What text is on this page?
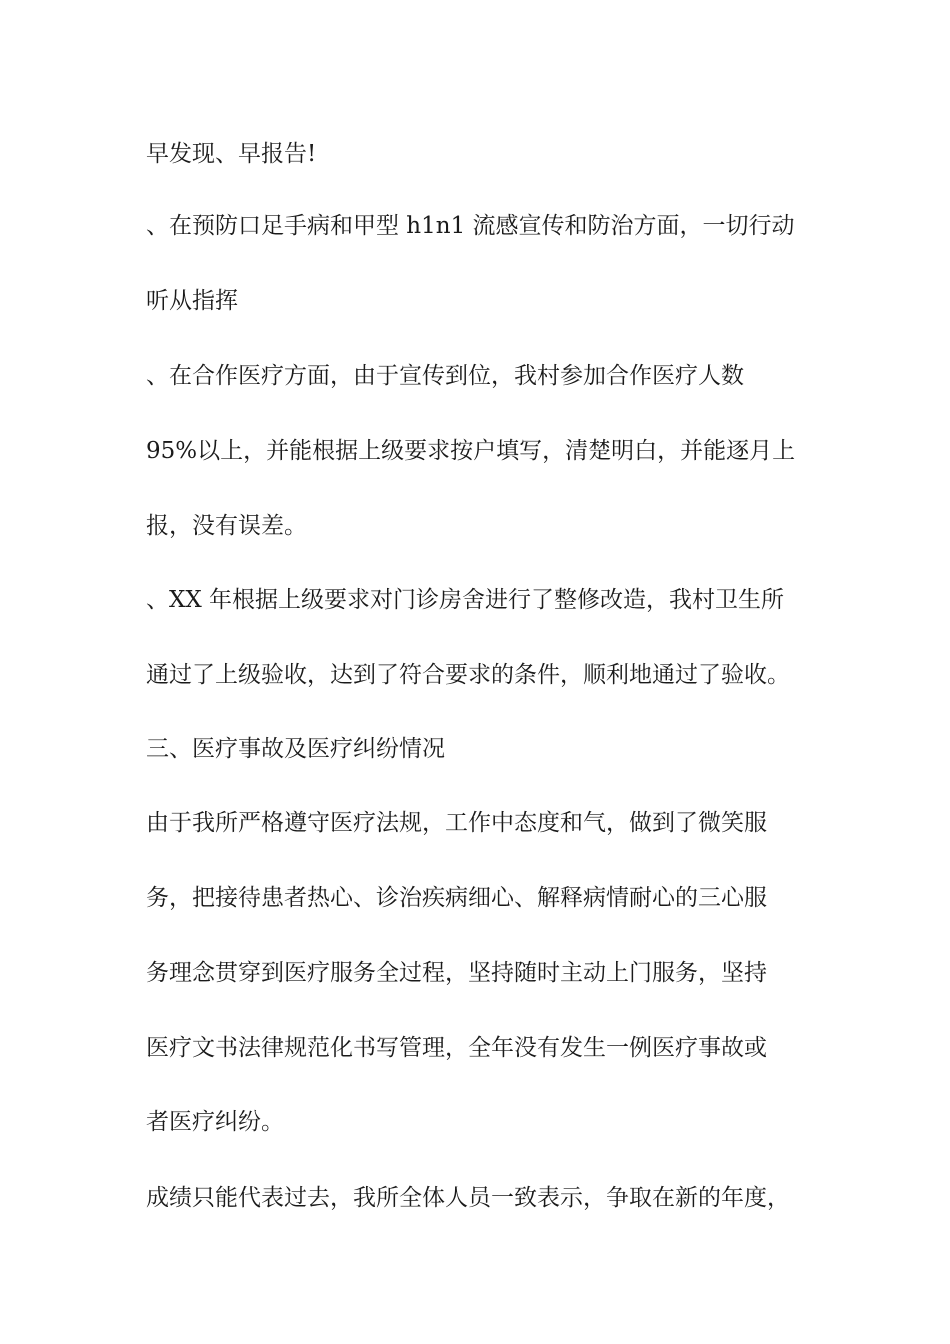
早发现、早报告!
、在预防口足手病和甲型 h1n1 流感宣传和防治方面，一切行动
听从指挥
、在合作医疗方面，由于宣传到位，我村参加合作医疗人数
95%以上，并能根据上级要求按户填写，清楚明白，并能逐月上
报，没有误差。
、XX 年根据上级要求对门诊房舍进行了整修改造，我村卫生所
通过了上级验收，达到了符合要求的条件，顺利地通过了验收。
三、医疗事故及医疗纠纷情况
由于我所严格遵守医疗法规，工作中态度和气，做到了微笑服
务，把接待患者热心、诊治疾病细心、解释病情耐心的三心服
务理念贯穿到医疗服务全过程，坚持随时主动上门服务，坚持
医疗文书法律规范化书写管理，全年没有发生一例医疗事故或
者医疗纠纷。
成绩只能代表过去，我所全体人员一致表示，争取在新的年度，
